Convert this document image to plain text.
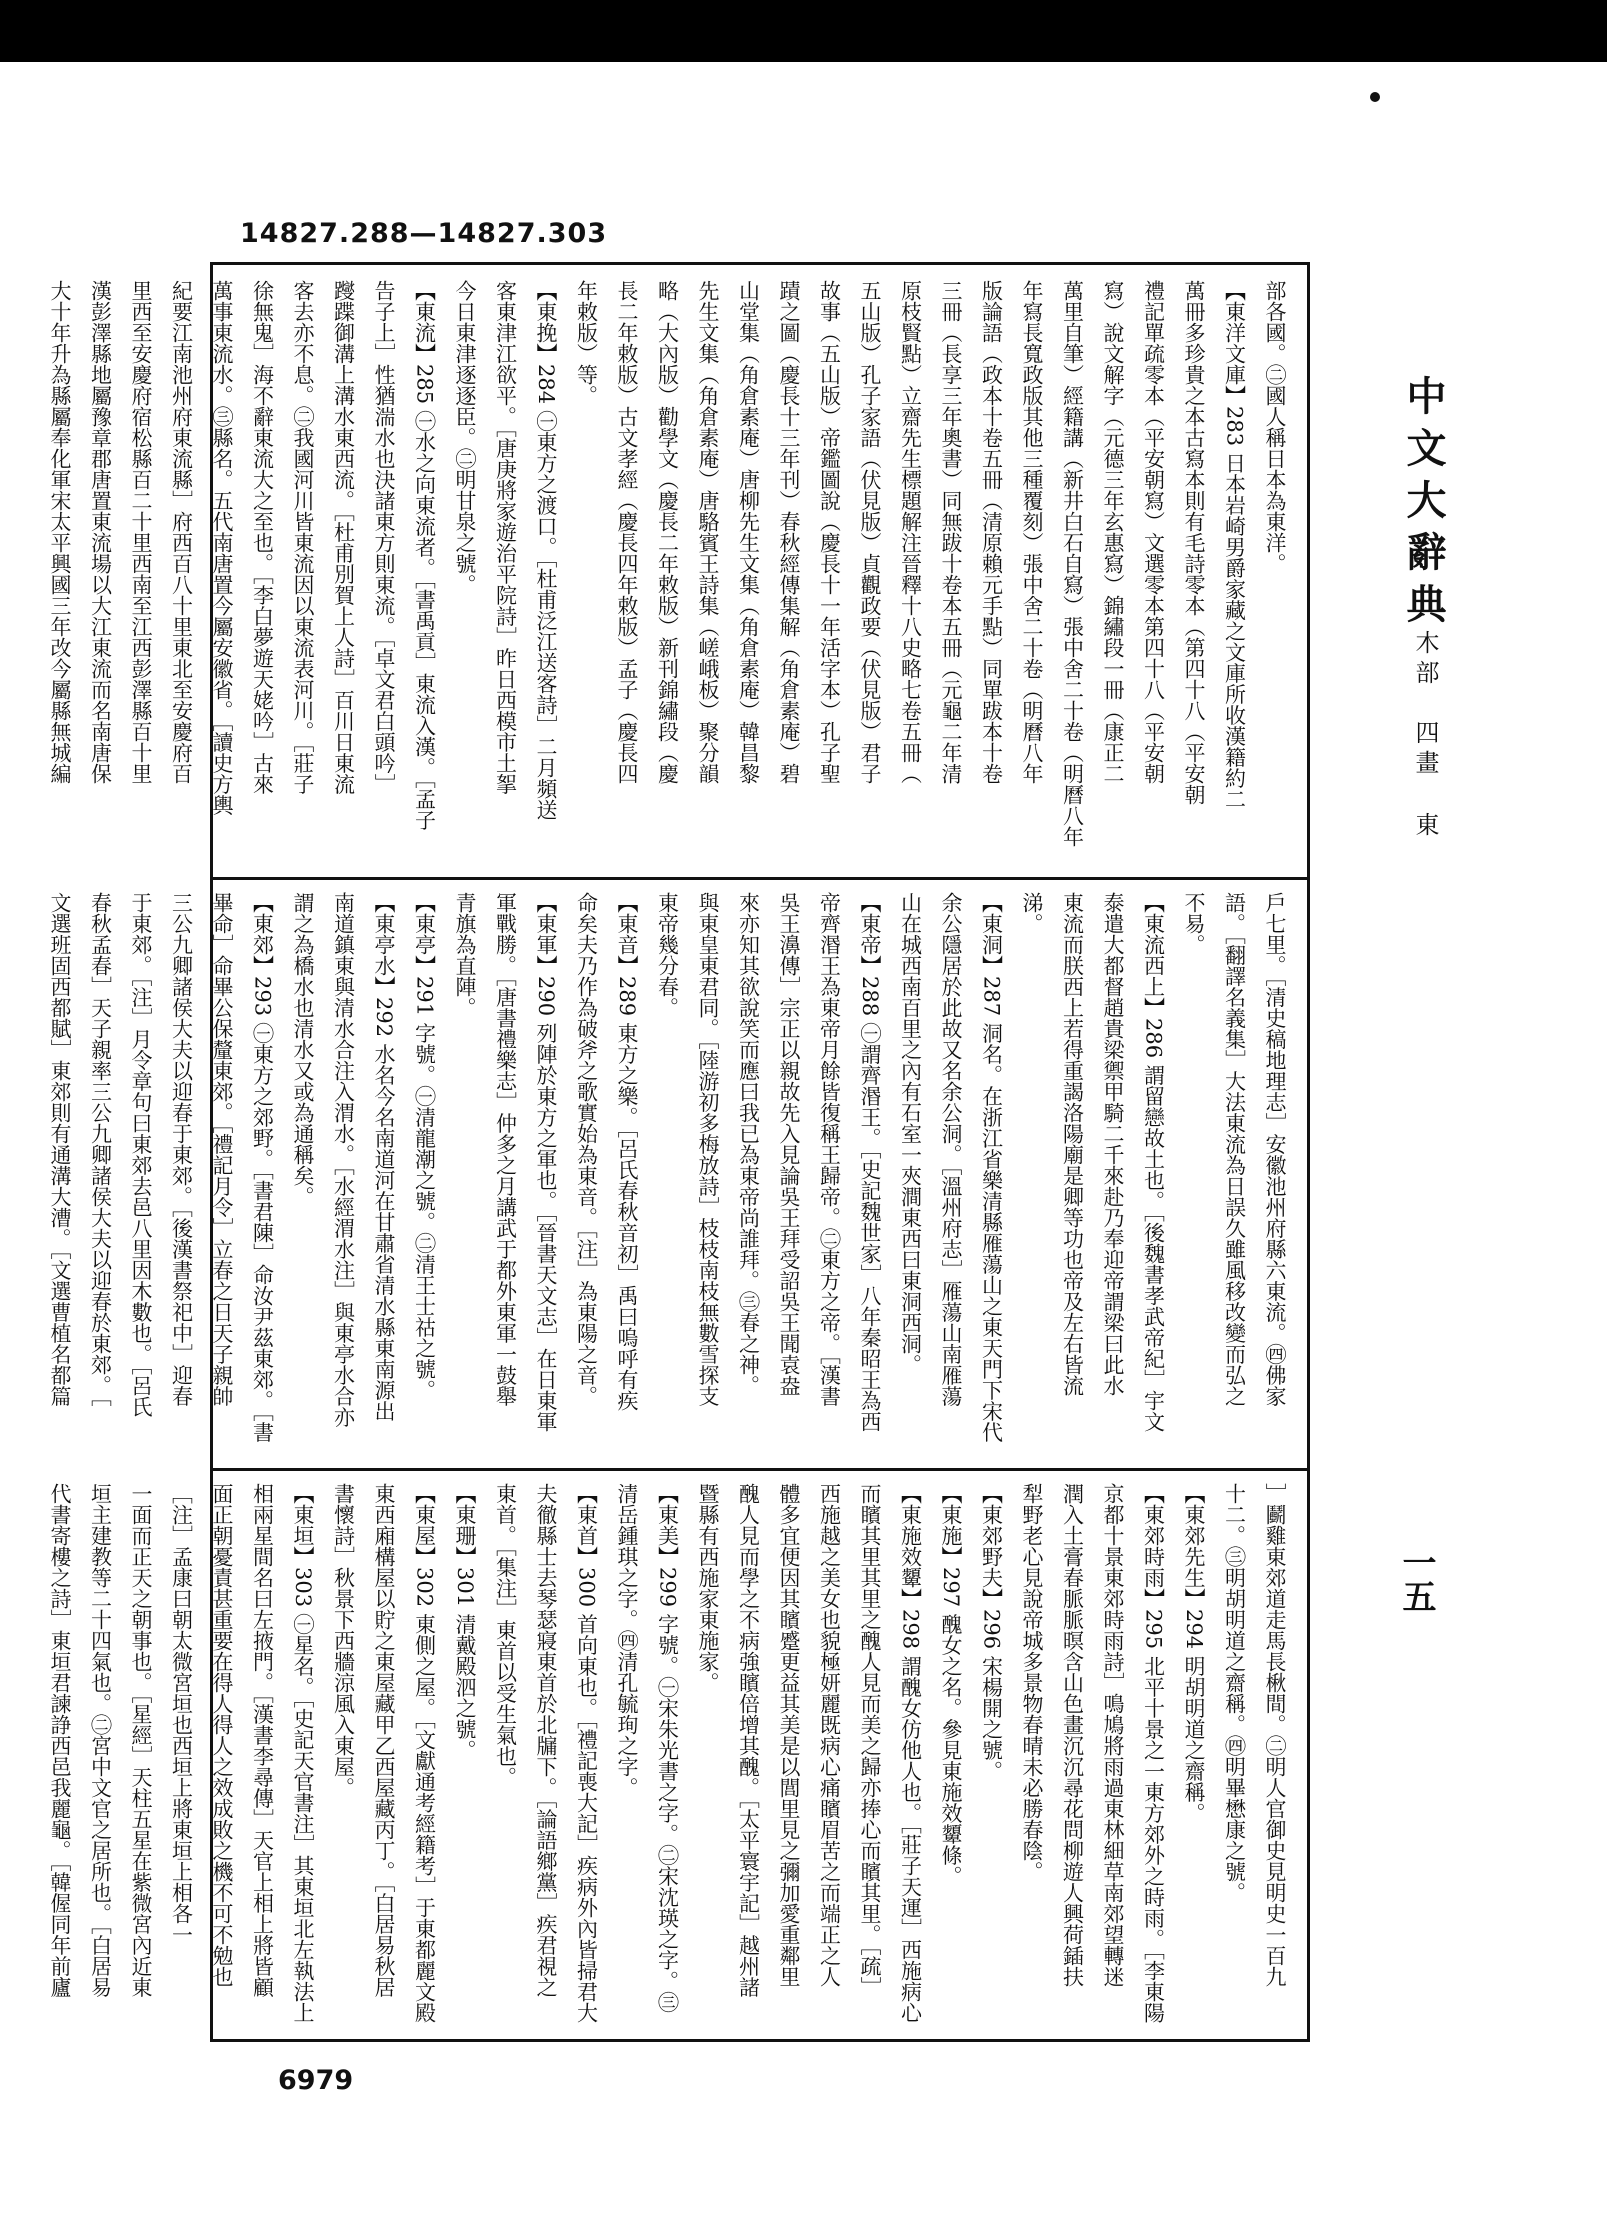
14827.288—14827.303
部各國。㊁國人稱日本為東洋。
【東洋文庫】283 日本岩崎男爵家藏之文庫所收漢籍約二
萬冊多珍貴之本古寫本則有毛詩零本（第四十八（平安朝
禮記單疏零本（平安朝寫）文選零本第四十八（平安朝
寫）說文解字（元德三年玄惠寫）錦繡段一冊（康正二
萬里自筆）經籍講（新井白石自寫）張中舍二十卷（明曆八年
年寫長寬政版其他三種覆刻）張中舍二十卷（明曆八年
版論語（政本十卷五冊（清原賴元手點）同單跋本十卷
三冊（長享三年奧書）同無跋十卷本五冊（元龜二年清
原枝賢點）立齋先生標題解注晉釋十八史略七卷五冊（
五山版）孔子家語（伏見版）貞觀政要（伏見版）君子
故事（五山版）帝鑑圖說（慶長十一年活字本）孔子聖
蹟之圖（慶長十三年刊）春秋經傳集解（角倉素庵）碧
山堂集（角倉素庵）唐柳先生文集（角倉素庵）韓昌黎
先生文集（角倉素庵）唐駱賓王詩集（嵯峨板）聚分韻
略（大內版）勸學文（慶長二年敕版）新刊錦繡段（慶
長二年敕版）古文孝經（慶長四年敕版）孟子（慶長四
年敕版）等。
【東挽】284 ㊀東方之渡口。［杜甫泛江送客詩］二月頻送
客東津江欲平。［唐庚將家遊治平院詩］昨日西模市土挐
今日東津逐逐臣。㊁明甘泉之號。
【東流】285 ㊀水之向東流者。［書禹貢］東流入漢。［孟子
告子上］性猶湍水也決諸東方則東流。［卓文君白頭吟］
躞蹀御溝上溝水東西流。［杜甫別賀上人詩］百川日東流
客去亦不息。㊁我國河川皆東流因以東流表河川。［莊子
徐無鬼］海不辭東流大之至也。［李白夢遊天姥吟］古來
萬事東流水。㊂縣名。五代南唐置今屬安徽省。［讀史方輿
紀要江南池州府東流縣］府西百八十里東北至安慶府百
里西至安慶府宿松縣百二十里西南至江西彭澤縣百十里
漢彭澤縣地屬豫章郡唐置東流場以大江東流而名南唐保
大十年升為縣屬奉化軍宋太平興國三年改今屬縣無城編
戶七里。［清史稿地理志］安徽池州府縣六東流。㊃佛家
語。［翻譯名義集］大法東流為日誤久雖風移改變而弘之
不易。
【東流西上】286 謂留戀故土也。［後魏書孝武帝紀］宇文
泰遣大都督趙貴梁禦甲騎二千來赴乃奉迎帝謂梁曰此水
東流而朕西上若得重謁洛陽廟是卿等功也帝及左右皆流
涕。
【東洞】287 洞名。在浙江省樂清縣雁蕩山之東天門下宋代
余公隱居於此故又名余公洞。［溫州府志］雁蕩山南雁蕩
山在城西南百里之內有石室一夾澗東西曰東洞西洞。
【東帝】288 ㊀謂齊湣王。［史記魏世家］八年秦昭王為西
帝齊湣王為東帝月餘皆復稱王歸帝。㊁東方之帝。［漢書
吳王濞傳］宗正以親故先入見論吳王拜受詔吳王聞袁盎
來亦知其欲說笑而應曰我已為東帝尚誰拜。㊂春之神。
與東皇東君同。［陸游初多梅放詩］枝枝南枝無數雪探支
東帝幾分春。
【東音】289 東方之樂。［呂氏春秋音初］禹曰嗚呼有疾
命矣夫乃作為破斧之歌實始為東音。［注］為東陽之音。
【東軍】290 列陣於東方之軍也。［晉書天文志］在日東軍
軍戰勝。［唐書禮樂志］仲多之月講武于都外東軍一鼓舉
青旗為直陣。
【東亭】291 字號。㊀清龍潮之號。㊁清王士祜之號。
【東亭水】292 水名今名南道河在甘肅省清水縣東南源出
南道鎮東與清水合注入渭水。［水經渭水注］與東亭水合亦
謂之為橋水也清水又或為通稱矣。
【東郊】293 ㊀東方之郊野。［書君陳］命汝尹茲東郊。［書
畢命］命畢公保釐東郊。［禮記月令］立春之日天子親帥
三公九卿諸侯大夫以迎春于東郊。［後漢書祭祀中］迎春
于東郊。［注］月令章句曰東郊去邑八里因木數也。［呂氏
春秋孟春］天子親率三公九卿諸侯大夫以迎春於東郊。［
文選班固西都賦］東郊則有通溝大漕。［文選曹植名都篇
］鬬雞東郊道走馬長楸間。㊁明人官御史見明史一百九
十二。㊂明胡明道之齋稱。㊃明畢懋康之號。
【東郊先生】294 明胡明道之齋稱。
【東郊時雨】295 北平十景之一東方郊外之時雨。［李東陽
京都十景東郊時雨詩］鳴鳩將雨過東林細草南郊望轉迷
潤入土膏春脈脈暝含山色畫沉沉尋花問柳遊人興荷鍤扶
犁野老心見說帝城多景物春晴未必勝春陰。
【東郊野夫】296 宋楊開之號。
【東施】297 醜女之名。參見東施效顰條。
【東施效顰】298 謂醜女仿他人也。［莊子天運］西施病心
而矉其里其里之醜人見而美之歸亦捧心而矉其里。［疏］
西施越之美女也貌極妍麗既病心痛矉眉苦之而端正之人
體多宜便因其矉蹙更益其美是以閭里見之彌加愛重鄰里
醜人見而學之不病強矉倍增其醜。［太平寰宇記］越州諸
暨縣有西施家東施家。
【東美】299 字號。㊀宋朱光書之字。㊁宋沈瑛之字。㊂
清岳鍾琪之字。㊃清孔毓珣之字。
【東首】300 首向東也。［禮記喪大記］疾病外內皆掃君大
夫徹縣士去琴瑟寢東首於北牖下。［論語鄉黨］疾君視之
東首。［集注］東首以受生氣也。
【東珊】301 清戴殿泗之號。
【東屋】302 東側之屋。［文獻通考經籍考］于東都麗文殿
東西廂構屋以貯之東屋藏甲乙西屋藏丙丁。［白居易秋居
書懷詩］秋景下西牆涼風入東屋。
【東垣】303 ㊀星名。［史記天官書注］其東垣北左執法上
相兩星間名曰左掖門。［漢書李尋傳］天官上相上將皆顧
面正朝憂責甚重要在得人得人之效成敗之機不可不勉也
［注］孟康曰朝太微宮垣也西垣上將東垣上相各一
一面而正天之朝事也。［星經］天柱五星在紫微宮內近東
垣主建教等二十四氣也。㊁宮中文官之居所也。［白居易
代書寄樓之詩］東垣君諫諍西邑我麗龜。［韓偓同年前廬
中文大辭典
木部
四畫
東
一五
6979
